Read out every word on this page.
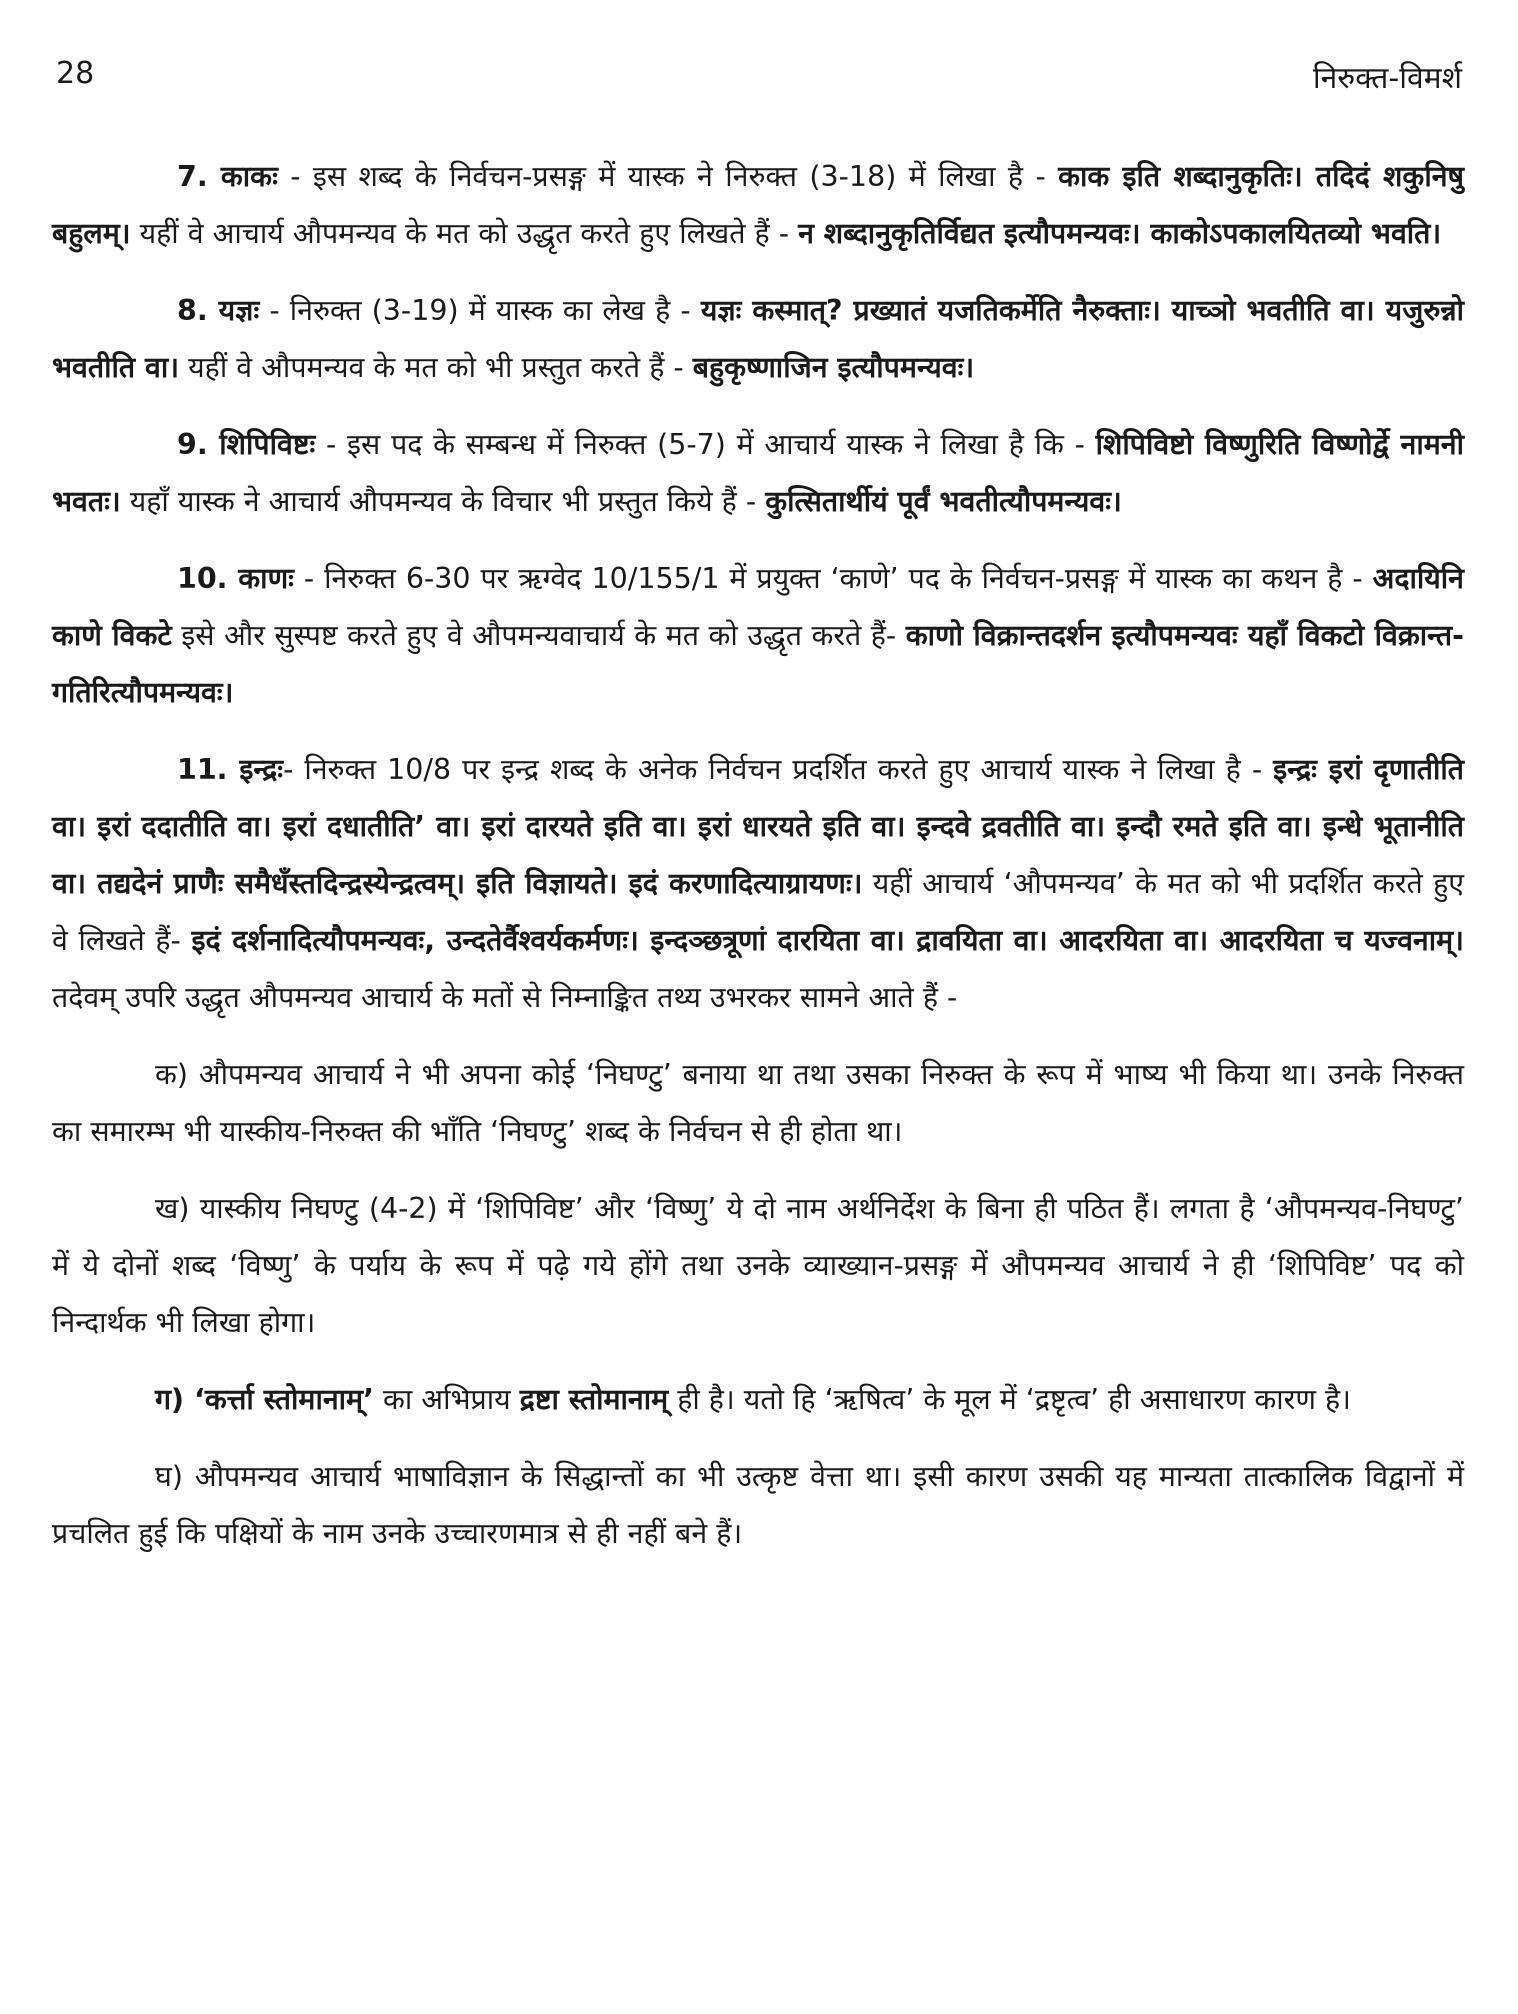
28	निरुक्त-विमर्श

7. काकः - इस शब्द के निर्वचन-प्रसङ्ग में यास्क ने निरुक्त (3-18) में लिखा है - काक इति शब्दानुकृतिः। तदिदं शकुनिषु बहुलम्। यहीं वे आचार्य औपमन्यव के मत को उद्धृत करते हुए लिखते हैं - न शब्दानुकृतिर्विद्यत इत्यौपमन्यवः। काकोऽपकालयितव्यो भवति।

8. यज्ञः - निरुक्त (3-19) में यास्क का लेख है - यज्ञः कस्मात्? प्रख्यातं यजतिकर्मेति नैरुक्ताः। याच्ञो भवतीति वा। यजुरुन्नो भवतीति वा। यहीं वे औपमन्यव के मत को भी प्रस्तुत करते हैं - बहुकृष्णाजिन इत्यौपमन्यवः।

9. शिपिविष्टः - इस पद के सम्बन्ध में निरुक्त (5-7) में आचार्य यास्क ने लिखा है कि - शिपिविष्टो विष्णुरिति विष्णोर्द्वे नामनी भवतः। यहाँ यास्क ने आचार्य औपमन्यव के विचार भी प्रस्तुत किये हैं - कुत्सितार्थीयं पूर्वं भवतीत्यौपमन्यवः।

10. काणः - निरुक्त 6-30 पर ऋग्वेद 10/155/1 में प्रयुक्त ‘काणे’ पद के निर्वचन-प्रसङ्ग में यास्क का कथन है - अदायिनि काणे विकटे इसे और सुस्पष्ट करते हुए वे औपमन्यवाचार्य के मत को उद्धृत करते हैं- काणो विक्रान्तदर्शन इत्यौपमन्यवः यहाँ विकटो विक्रान्त-गतिरित्यौपमन्यवः।

11. इन्द्रः- निरुक्त 10/8 पर इन्द्र शब्द के अनेक निर्वचन प्रदर्शित करते हुए आचार्य यास्क ने लिखा है - इन्द्रः इरां दृणातीति वा। इरां ददातीति वा। इरां दधातीति’ वा। इरां दारयते इति वा। इरां धारयते इति वा। इन्दवे द्रवतीति वा। इन्दौ रमते इति वा। इन्धे भूतानीति वा। तद्यदेनं प्राणैः समैधँस्तदिन्द्रस्येन्द्रत्वम्। इति विज्ञायते। इदं करणादित्याग्रायणः। यहीं आचार्य ‘औपमन्यव’ के मत को भी प्रदर्शित करते हुए वे लिखते हैं- इदं दर्शनादित्यौपमन्यवः, उन्दतेर्वैश्वर्यकर्मणः। इन्दञ्छत्रूणां दारयिता वा। द्रावयिता वा। आदरयिता वा। आदरयिता च यज्वनाम्। तदेवम् उपरि उद्धृत औपमन्यव आचार्य के मतों से निम्नाङ्कित तथ्य उभरकर सामने आते हैं -

क) औपमन्यव आचार्य ने भी अपना कोई ‘निघण्टु’ बनाया था तथा उसका निरुक्त के रूप में भाष्य भी किया था। उनके निरुक्त का समारम्भ भी यास्कीय-निरुक्त की भाँति ‘निघण्टु’ शब्द के निर्वचन से ही होता था।

ख) यास्कीय निघण्टु (4-2) में ‘शिपिविष्ट’ और ‘विष्णु’ ये दो नाम अर्थनिर्देश के बिना ही पठित हैं। लगता है ‘औपमन्यव-निघण्टु’ में ये दोनों शब्द ‘विष्णु’ के पर्याय के रूप में पढ़े गये होंगे तथा उनके व्याख्यान-प्रसङ्ग में औपमन्यव आचार्य ने ही ‘शिपिविष्ट’ पद को निन्दार्थक भी लिखा होगा।

ग) ‘कर्त्ता स्तोमानाम्’ का अभिप्राय द्रष्टा स्तोमानाम् ही है। यतो हि ‘ऋषित्व’ के मूल में ‘द्रष्टृत्व’ ही असाधारण कारण है।

घ) औपमन्यव आचार्य भाषाविज्ञान के सिद्धान्तों का भी उत्कृष्ट वेत्ता था। इसी कारण उसकी यह मान्यता तात्कालिक विद्वानों में प्रचलित हुई कि पक्षियों के नाम उनके उच्चारणमात्र से ही नहीं बने हैं।
